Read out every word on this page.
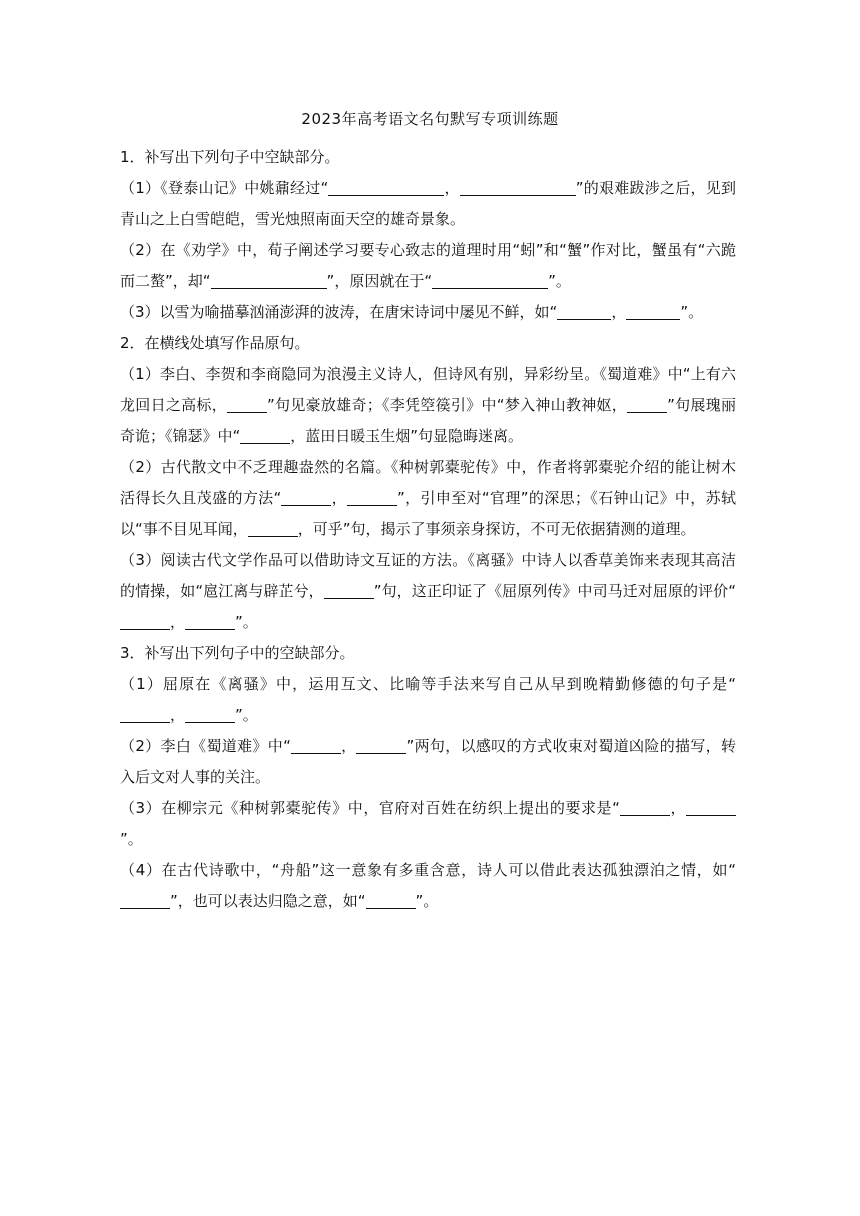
2023年高考语文名句默写专项训练题

1．补写出下列句子中空缺部分。

（1）《登泰山记》中姚鼐经过“	，	”的艰难跋涉之后，见到青山之上白雪皑皑，雪光烛照南面天空的雄奇景象。

（2）在《劝学》中，荀子阐述学习要专心致志的道理时用“蚓”和“蟹”作对比，蟹虽有“六跪而二螯”，却“	”，原因就在于“	”。

（3）以雪为喻描摹汹涌澎湃的波涛，在唐宋诗词中屡见不鲜，如“	，	”。

2．在横线处填写作品原句。

（1）李白、李贺和李商隐同为浪漫主义诗人，但诗风有别，异彩纷呈。《蜀道难》中“上有六龙回日之高标，	”句见豪放雄奇；《李凭箜篌引》中“梦入神山教神妪，	”句展瑰丽奇诡；《锦瑟》中“	，蓝田日暖玉生烟”句显隐晦迷离。

（2）古代散文中不乏理趣盎然的名篇。《种树郭橐驼传》中，作者将郭橐驼介绍的能让树木活得长久且茂盛的方法“	，	”，引申至对“官理”的深思；《石钟山记》中，苏轼以“事不目见耳闻，	，可乎”句，揭示了事须亲身探访，不可无依据猜测的道理。

（3）阅读古代文学作品可以借助诗文互证的方法。《离骚》中诗人以香草美饰来表现其高洁的情操，如“扈江离与辟芷兮，	”句，这正印证了《屈原列传》中司马迁对屈原的评价“，	”。

3．补写出下列句子中的空缺部分。

（1）屈原在《离骚》中，运用互文、比喻等手法来写自己从早到晚精勤修德的句子是“，	”。

（2）李白《蜀道难》中“	，	”两句，以感叹的方式收束对蜀道凶险的描写，转入后文对人事的关注。

（3）在柳宗元《种树郭橐驼传》中，官府对百姓在纺织上提出的要求是“	，”。

（4）在古代诗歌中，“舟船”这一意象有多重含意，诗人可以借此表达孤独漂泊之情，如“”，也可以表达归隐之意，如“	”。
